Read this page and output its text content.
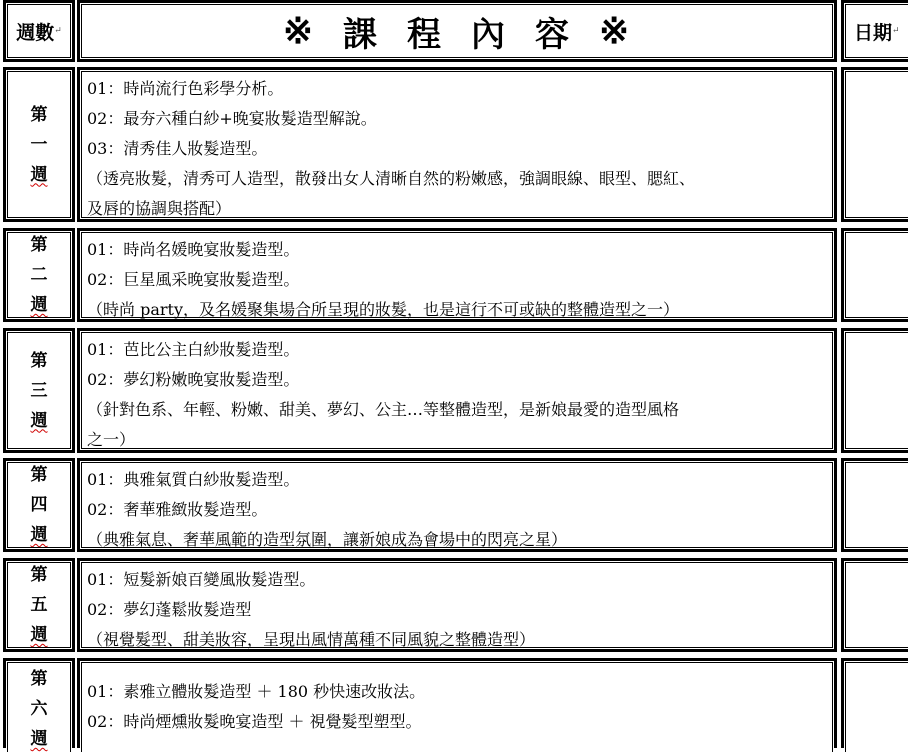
週數 ↵	※ 課 程 內 容 ※	日期 ↵
第
一
週
01：時尚流行色彩學分析。
02：最夯六種白紗+晚宴妝髮造型解說。
03：清秀佳人妝髮造型。
（透亮妝髮，清秀可人造型，散發出女人清晰自然的粉嫩感，強調眼線、眼型、腮紅、
及唇的協調與搭配）
第
二
週
01：時尚名媛晚宴妝髮造型。
02：巨星風采晚宴妝髮造型。
（時尚 party，及名媛聚集場合所呈現的妝髮，也是這行不可或缺的整體造型之一）
第
三
週
01：芭比公主白紗妝髮造型。
02：夢幻粉嫩晚宴妝髮造型。
（針對色系、年輕、粉嫩、甜美、夢幻、公主…等整體造型，是新娘最愛的造型風格
之一）
第
四
週
01：典雅氣質白紗妝髮造型。
02：奢華雅緻妝髮造型。
（典雅氣息、奢華風範的造型氛圍，讓新娘成為會場中的閃亮之星）
第
五
週
01：短髮新娘百變風妝髮造型。
02：夢幻蓬鬆妝髮造型
（視覺髮型、甜美妝容，呈現出風情萬種不同風貌之整體造型）
第
六
週
01：素雅立體妝髮造型 ＋ 180 秒快速改妝法。
02：時尚煙燻妝髮晚宴造型 ＋ 視覺髮型塑型。
